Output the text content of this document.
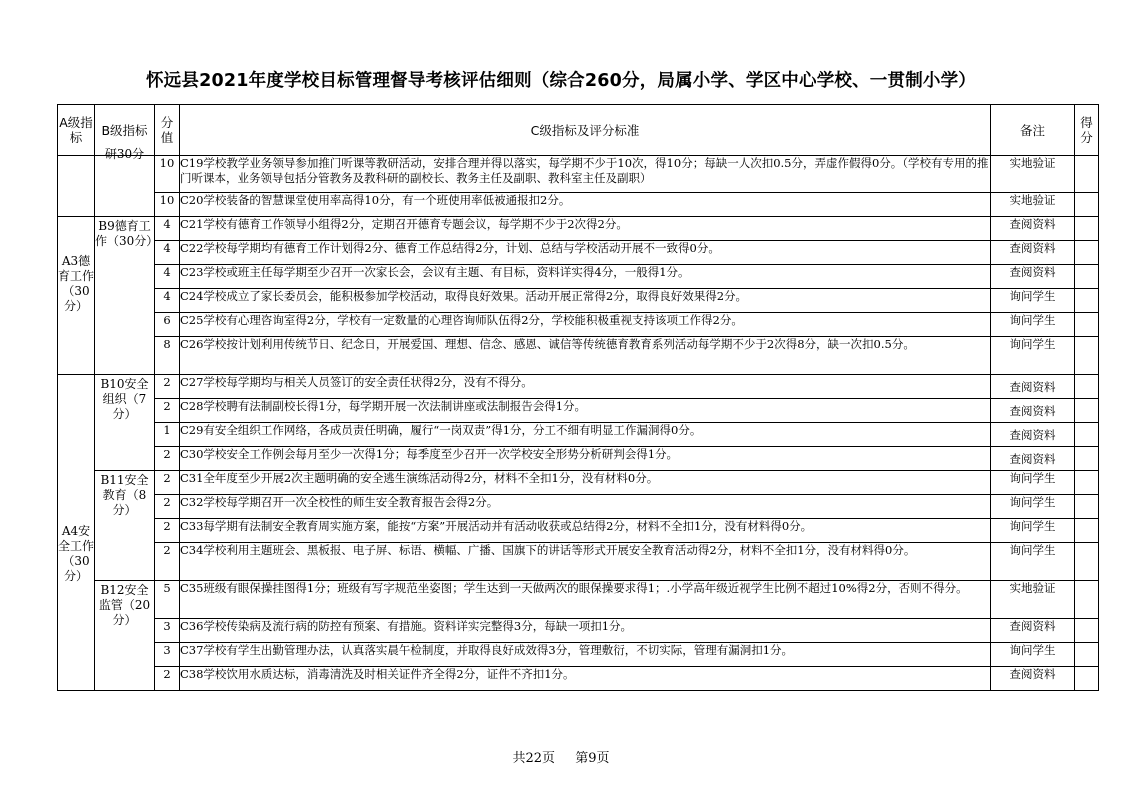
怀远县2021年度学校目标管理督导考核评估细则（综合260分，局属小学、学区中心学校、一贯制小学）
A级指标	B级指标	分值	C级指标及评分标准	备注	得分

	研30分	10	C19学校教学业务领导参加推门听课等教研活动，安排合理并得以落实，每学期不少于10次，得10分；每缺一人次扣0.5分，弄虚作假得0分。（学校有专用的推门听课本，业务领导包括分管教务及教科研的副校长、教务主任及副职、教科室主任及副职）	实地验证	
		10	C20学校装备的智慧课堂使用率高得10分，有一个班使用率低被通报扣2分。	实地验证	

A3德育工作（30分）	B9德育工作（30分）	4	C21学校有德育工作领导小组得2分，定期召开德育专题会议，每学期不少于2次得2分。	查阅资料	
		4	C22学校每学期均有德育工作计划得2分、德育工作总结得2分，计划、总结与学校活动开展不一致得0分。	查阅资料	
		4	C23学校或班主任每学期至少召开一次家长会，会议有主题、有目标，资料详实得4分，一般得1分。	查阅资料	
		4	C24学校成立了家长委员会，能积极参加学校活动，取得良好效果。活动开展正常得2分，取得良好效果得2分。	询问学生	
		6	C25学校有心理咨询室得2分，学校有一定数量的心理咨询师队伍得2分，学校能积极重视支持该项工作得2分。	询问学生	
		8	C26学校按计划利用传统节日、纪念日，开展爱国、理想、信念、感恩、诚信等传统德育教育系列活动每学期不少于2次得8分，缺一次扣0.5分。	询问学生	

A4安全工作（30分）	B10安全组织（7分）	2	C27学校每学期均与相关人员签订的安全责任状得2分，没有不得分。	查阅资料	
		2	C28学校聘有法制副校长得1分，每学期开展一次法制讲座或法制报告会得1分。	查阅资料	
		1	C29有安全组织工作网络，各成员责任明确，履行“一岗双责”得1分，分工不细有明显工作漏洞得0分。	查阅资料	
		2	C30学校安全工作例会每月至少一次得1分；每季度至少召开一次学校安全形势分析研判会得1分。	查阅资料	

	B11安全教育（8分）	2	C31全年度至少开展2次主题明确的安全逃生演练活动得2分，材料不全扣1分，没有材料0分。	询问学生	
		2	C32学校每学期召开一次全校性的师生安全教育报告会得2分。	询问学生	
		2	C33每学期有法制安全教育周实施方案，能按“方案”开展活动并有活动收获或总结得2分，材料不全扣1分，没有材料得0分。	询问学生	
		2	C34学校利用主题班会、黑板报、电子屏、标语、横幅、广播、国旗下的讲话等形式开展安全教育活动得2分，材料不全扣1分，没有材料得0分。	询问学生	

	B12安全监管（20分）	5	C35班级有眼保操挂图得1分；班级有写字规范坐姿图；学生达到一天做两次的眼保操要求得1；.小学高年级近视学生比例不超过10%得2分，否则不得分。	实地验证	
		3	C36学校传染病及流行病的防控有预案、有措施。资料详实完整得3分，每缺一项扣1分。	查阅资料	
		3	C37学校有学生出勤管理办法，认真落实晨午检制度，并取得良好成效得3分，管理敷衍，不切实际，管理有漏洞扣1分。	询问学生	
		2	C38学校饮用水质达标，消毒清洗及时相关证件齐全得2分，证件不齐扣1分。	查阅资料	
共22页 第9页
